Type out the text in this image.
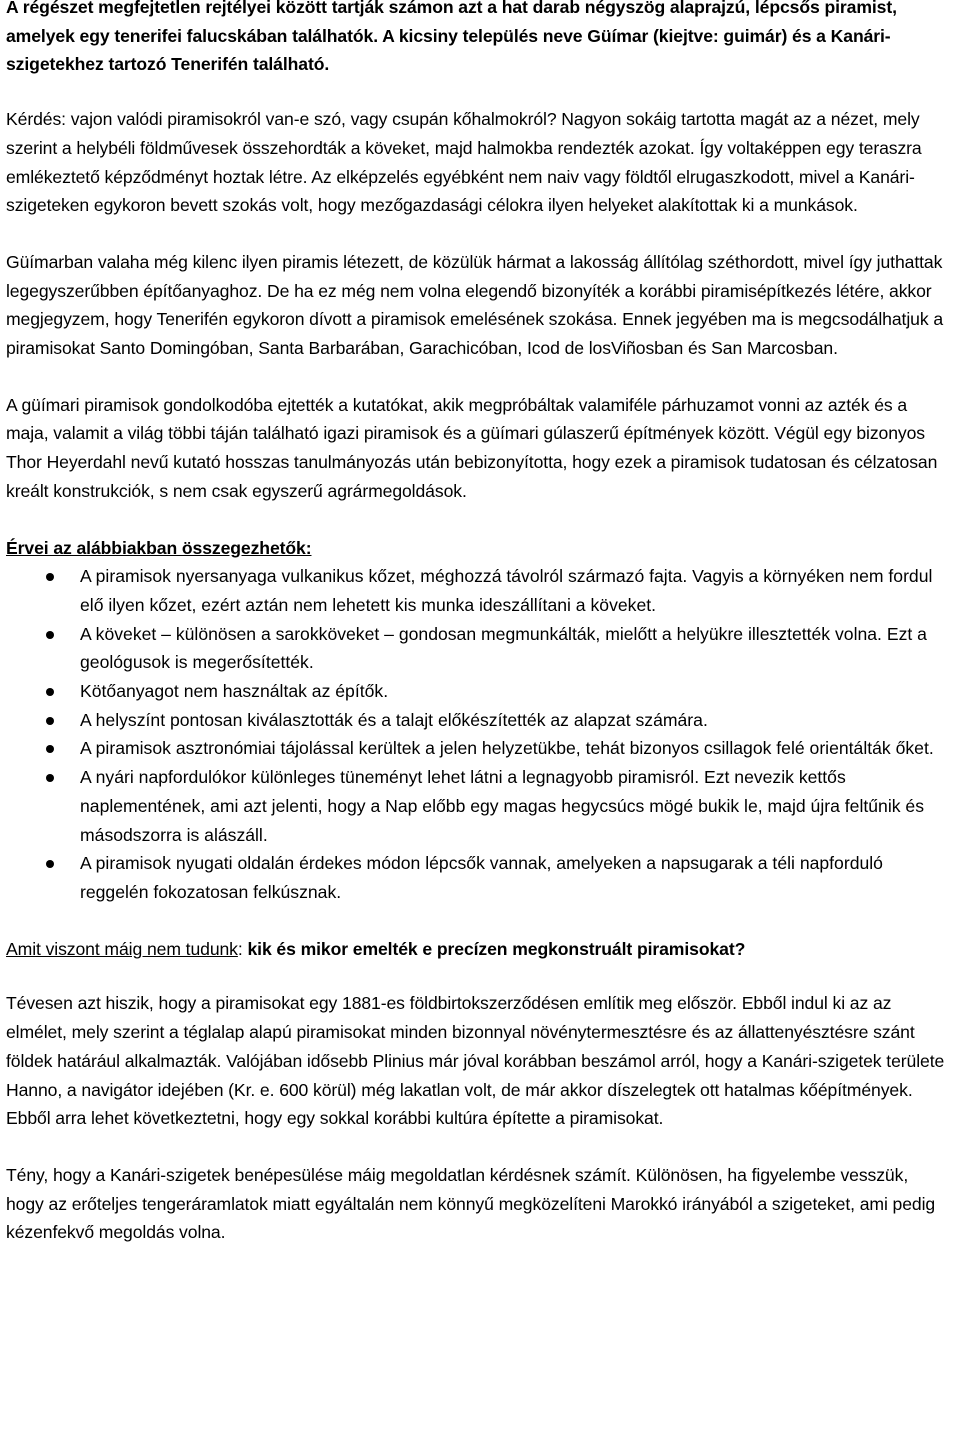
A régészet megfejtetlen rejtélyei között tartják számon azt a hat darab négyszög alaprajzú, lépcsős piramist, amelyek egy tenerifei falucskában találhatók. A kicsiny település neve Güímar (kiejtve: guimár) és a Kanári-szigetekhez tartozó Tenerifén található.

Kérdés: vajon valódi piramisokról van-e szó, vagy csupán kőhalmokról? Nagyon sokáig tartotta magát az a nézet, mely szerint a helybéli földművesek összehordták a köveket, majd halmokba rendezték azokat. Így voltaképpen egy teraszra emlékeztető képződményt hoztak létre. Az elképzelés egyébként nem naiv vagy földtől elrugaszkodott, mivel a Kanári-szigeteken egykoron bevett szokás volt, hogy mezőgazdasági célokra ilyen helyeket alakítottak ki a munkások.

Güímarban valaha még kilenc ilyen piramis létezett, de közülük hármat a lakosság állítólag széthordott, mivel így juthattak legegyszerűbben építőanyaghoz. De ha ez még nem volna elegendő bizonyíték a korábbi piramisépítkezés létére, akkor megjegyzem, hogy Tenerifén egykoron dívott a piramisok emelésének szokása. Ennek jegyében ma is megcsodálhatjuk a piramisokat Santo Domingóban, Santa Barbarában, Garachicóban, Icod de losViñosban és San Marcosban.

A güímari piramisok gondolkodóba ejtették a kutatókat, akik megpróbáltak valamiféle párhuzamot vonni az azték és a maja, valamit a világ többi táján található igazi piramisok és a güímari gúlaszerű építmények között. Végül egy bizonyos Thor Heyerdahl nevű kutató hosszas tanulmányozás után bebizonyította, hogy ezek a piramisok tudatosan és célzatosan kreált konstrukciók, s nem csak egyszerű agrármegoldások.

Érvei az alábbiakban összegezhetők:

A piramisok nyersanyaga vulkanikus kőzet, méghozzá távolról származó fajta. Vagyis a környéken nem fordul elő ilyen kőzet, ezért aztán nem lehetett kis munka ideszállítani a köveket.
A köveket – különösen a sarokköveket – gondosan megmunkálták, mielőtt a helyükre illesztették volna. Ezt a geológusok is megerősítették.
Kötőanyagot nem használtak az építők.
A helyszínt pontosan kiválasztották és a talajt előkészítették az alapzat számára.
A piramisok asztronómiai tájolással kerültek a jelen helyzetükbe, tehát bizonyos csillagok felé orientálták őket.
A nyári napfordulókor különleges tüneményt lehet látni a legnagyobb piramisról. Ezt nevezik kettős naplementének, ami azt jelenti, hogy a Nap előbb egy magas hegycsúcs mögé bukik le, majd újra feltűnik és másodszorra is alászáll.
A piramisok nyugati oldalán érdekes módon lépcsők vannak, amelyeken a napsugarak a téli napforduló reggelén fokozatosan felkúsznak.

Amit viszont máig nem tudunk: kik és mikor emelték e precízen megkonstruált piramisokat?

Tévesen azt hiszik, hogy a piramisokat egy 1881-es földbirtokszerződésen említik meg először. Ebből indul ki az az elmélet, mely szerint a téglalap alapú piramisokat minden bizonnyal növénytermesztésre és az állattenyésztésre szánt földek határául alkalmazták. Valójában idősebb Plinius már jóval korábban beszámol arról, hogy a Kanári-szigetek területe Hanno, a navigátor idejében (Kr. e. 600 körül) még lakatlan volt, de már akkor díszelegtek ott hatalmas kőépítmények. Ebből arra lehet következtetni, hogy egy sokkal korábbi kultúra építette a piramisokat.

Tény, hogy a Kanári-szigetek benépesülése máig megoldatlan kérdésnek számít. Különösen, ha figyelembe vesszük, hogy az erőteljes tengeráramlatok miatt egyáltalán nem könnyű megközelíteni Marokkó irányából a szigeteket, ami pedig kézenfekvő megoldás volna.
